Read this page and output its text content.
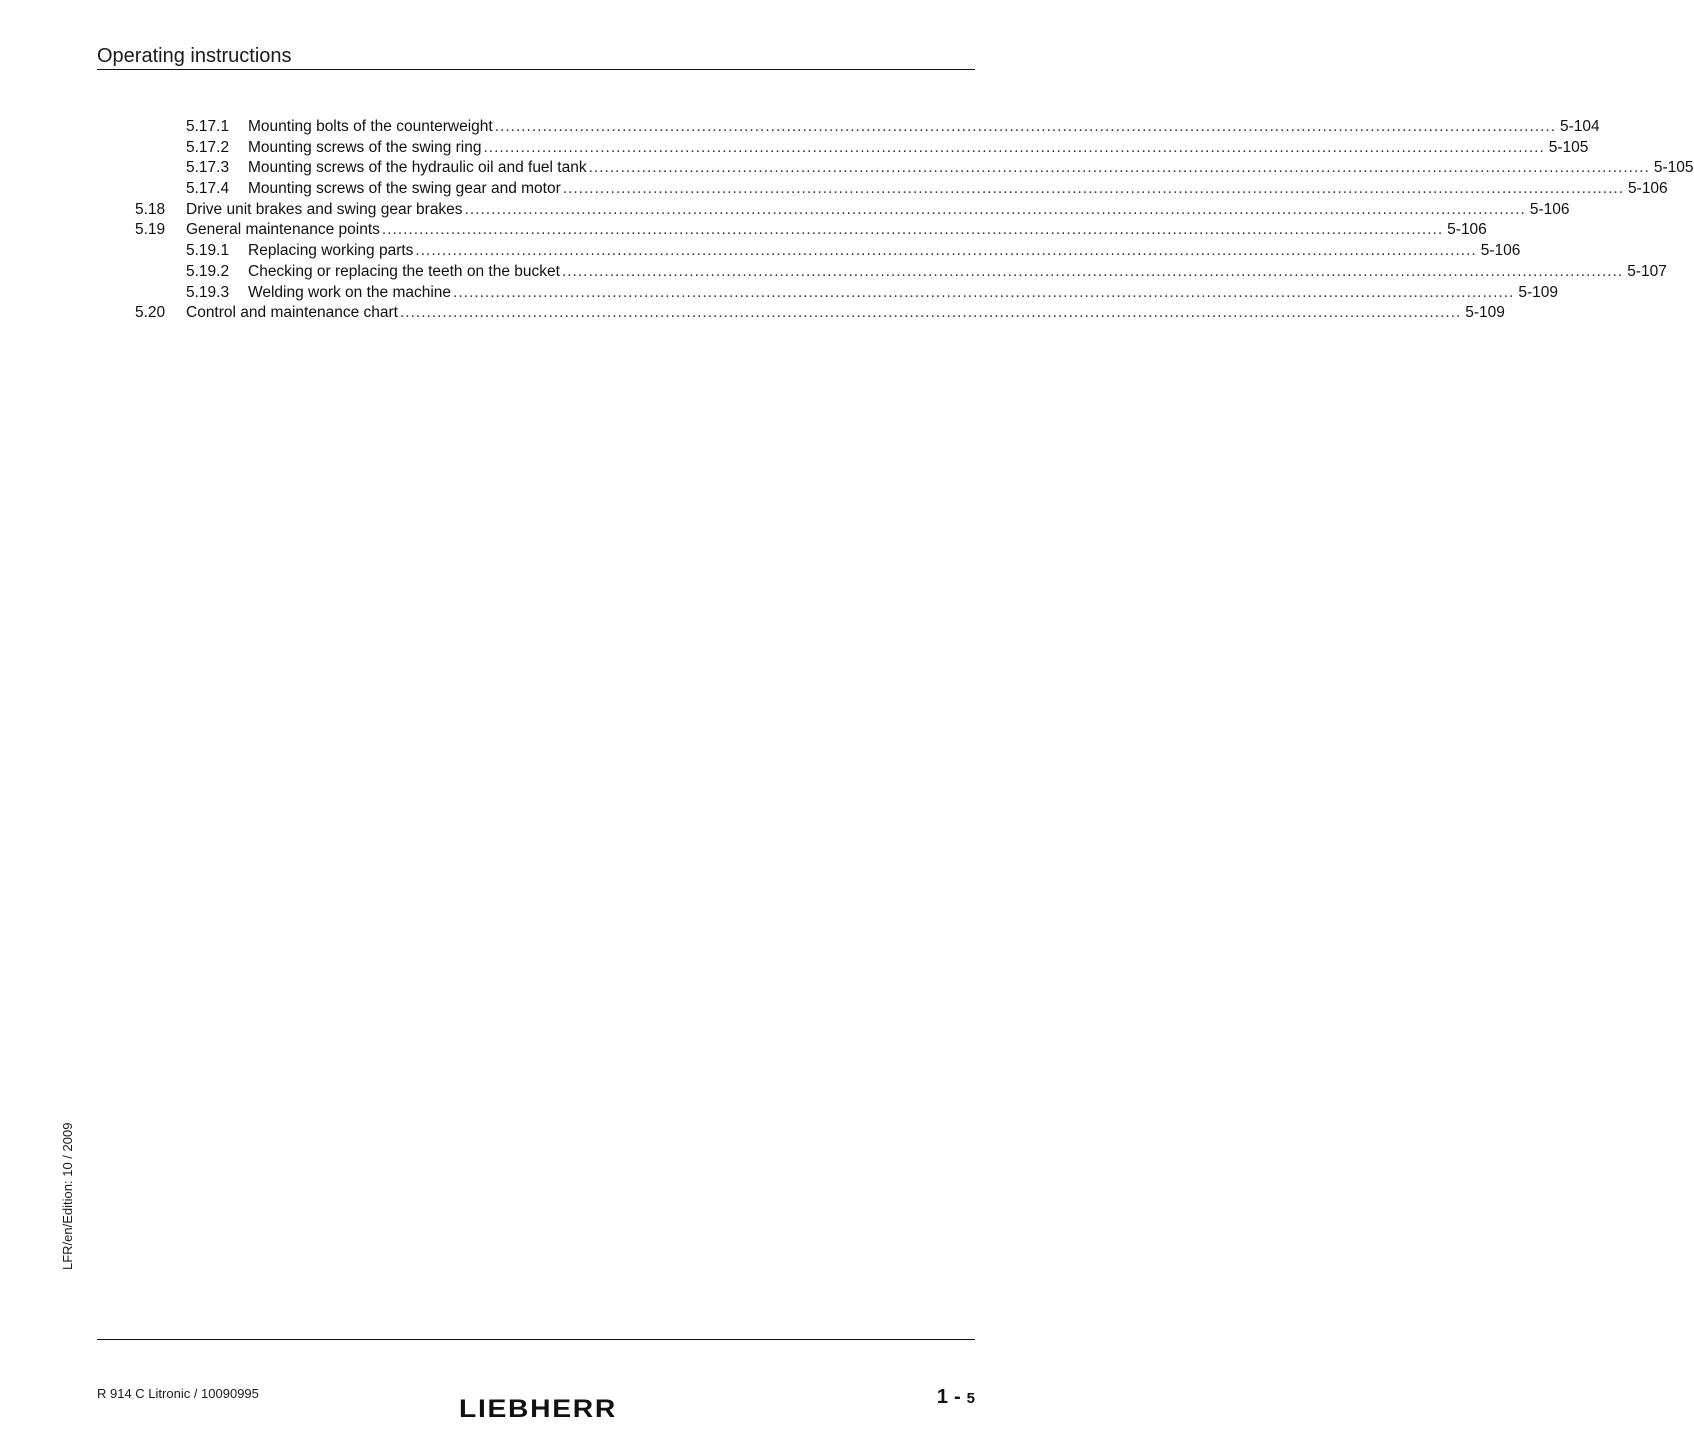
Operating instructions
5.17.1 Mounting bolts of the counterweight ........................................................................................................................................................................................................ 5-104
5.17.2 Mounting screws of the swing ring ........................................................................................................................................................................................................ 5-105
5.17.3 Mounting screws of the hydraulic oil and fuel tank ........................................................................................................................................................................................................ 5-105
5.17.4 Mounting screws of the swing gear and motor ........................................................................................................................................................................................................ 5-106
5.18 Drive unit brakes and swing gear brakes ........................................................................................................................................................................................................ 5-106
5.19 General maintenance points ........................................................................................................................................................................................................ 5-106
5.19.1 Replacing working parts ........................................................................................................................................................................................................ 5-106
5.19.2 Checking or replacing the teeth on the bucket ........................................................................................................................................................................................................ 5-107
5.19.3 Welding work on the machine ........................................................................................................................................................................................................ 5-109
5.20 Control and maintenance chart ........................................................................................................................................................................................................ 5-109
LFR/en/Edition: 10 / 2009
R 914 C Litronic / 10090995
LIEBHERR	1 - 5
